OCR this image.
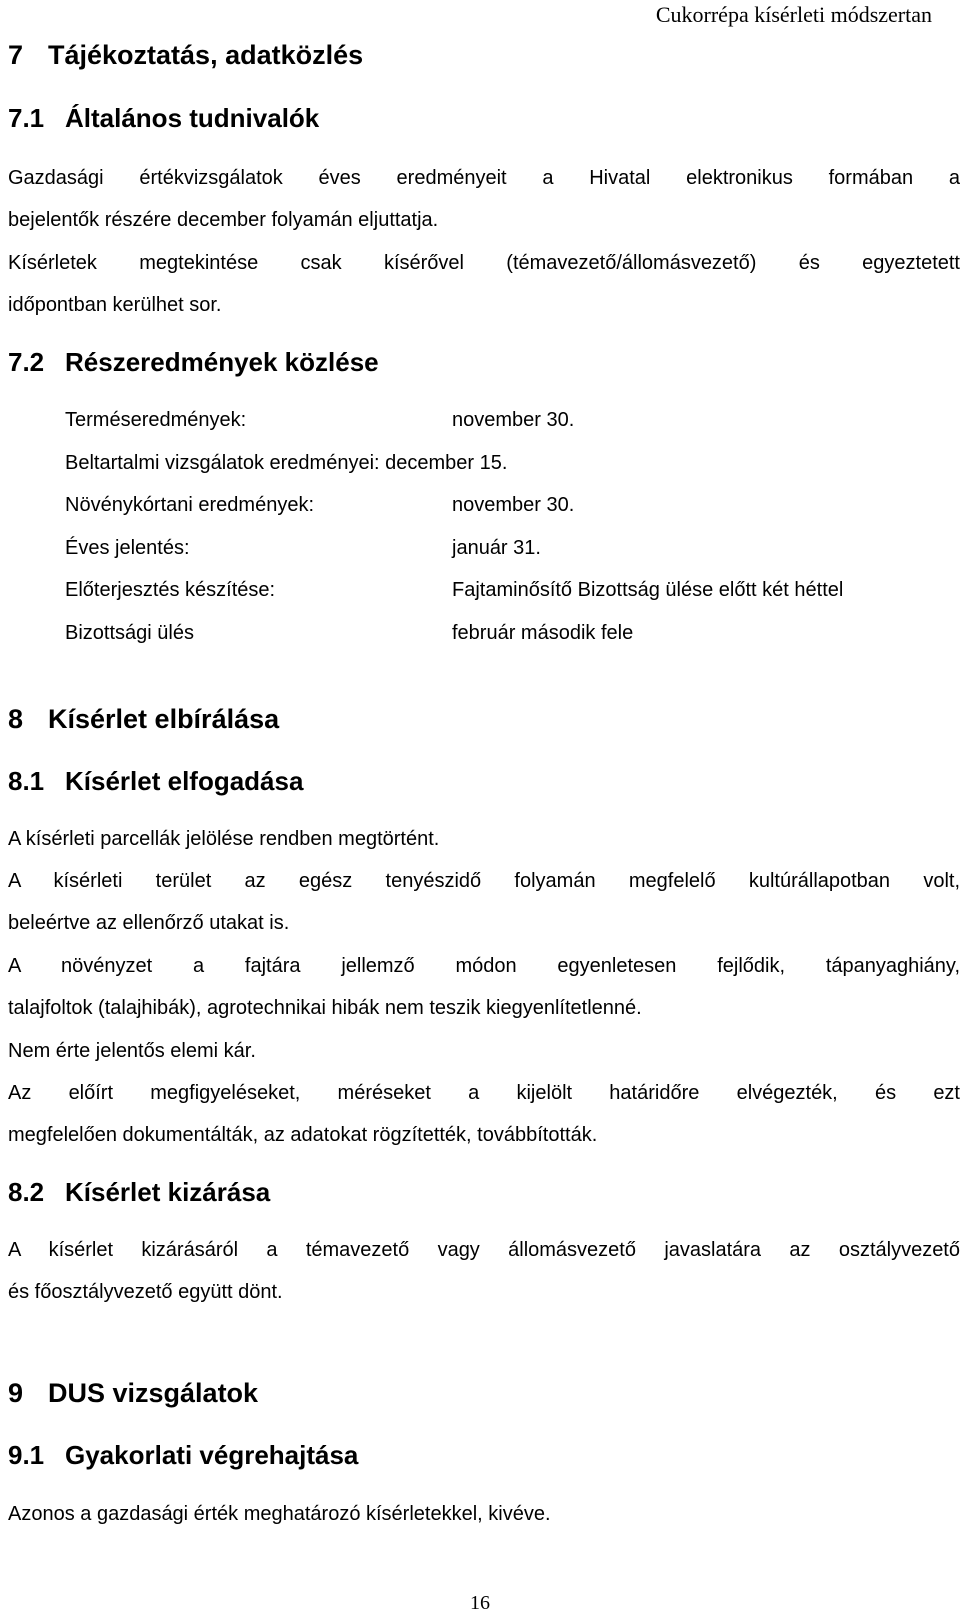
Cukorrépa kísérleti módszertan
7 Tájékoztatás, adatközlés
7.1 Általános tudnivalók
Gazdasági értékvizsgálatok éves eredményeit a Hivatal elektronikus formában a
bejelentők részére december folyamán eljuttatja.
Kísérletek megtekintése csak kísérővel (témavezető/állomásvezető) és egyeztetett
időpontban kerülhet sor.
7.2 Részeredmények közlése
Terméseredmények:	november 30.
Beltartalmi vizsgálatok eredményei: december 15.
Növénykórtani eredmények:	november 30.
Éves jelentés:	január 31.
Előterjesztés készítése:	Fajtaminősítő Bizottság ülése előtt két héttel
Bizottsági ülés	február második fele
8 Kísérlet elbírálása
8.1 Kísérlet elfogadása
A kísérleti parcellák jelölése rendben megtörtént.
A kísérleti terület az egész tenyészidő folyamán megfelelő kultúrállapotban volt,
beleértve az ellenőrző utakat is.
A növényzet a fajtára jellemző módon egyenletesen fejlődik, tápanyaghiány,
talajfoltok (talajhibák), agrotechnikai hibák nem teszik kiegyenlítetlenné.
Nem érte jelentős elemi kár.
Az előírt megfigyeléseket, méréseket a kijelölt határidőre elvégezték, és ezt
megfelelően dokumentálták, az adatokat rögzítették, továbbították.
8.2 Kísérlet kizárása
A kísérlet kizárásáról a témavezető vagy állomásvezető javaslatára az osztályvezető
és főosztályvezető együtt dönt.
9 DUS vizsgálatok
9.1 Gyakorlati végrehajtása
Azonos a gazdasági érték meghatározó kísérletekkel, kivéve.
16
